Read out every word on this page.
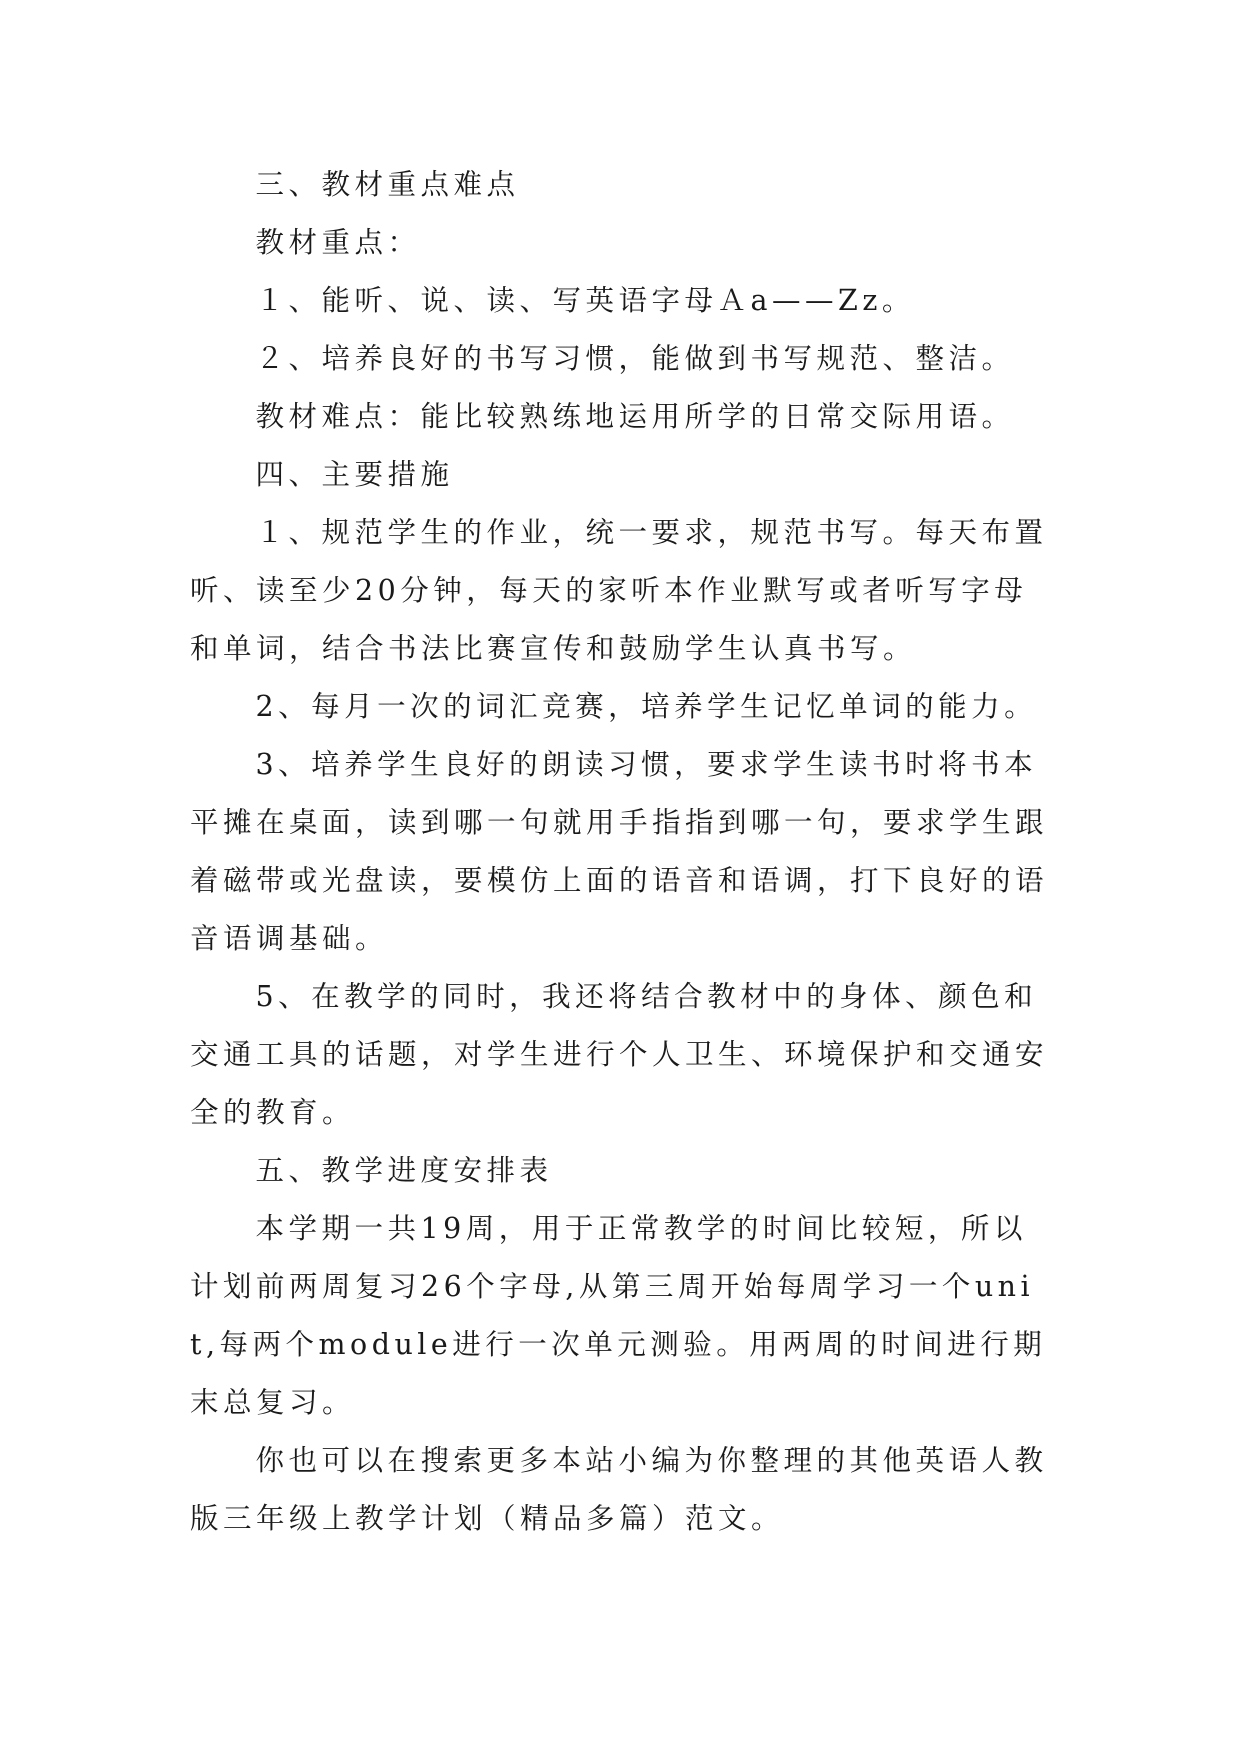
三、教材重点难点

教材重点：

１、能听、说、读、写英语字母Ａa——Zz。

２、培养良好的书写习惯，能做到书写规范、整洁。

教材难点：能比较熟练地运用所学的日常交际用语。

四、主要措施

１、规范学生的作业，统一要求，规范书写。每天布置听、读至少20分钟，每天的家听本作业默写或者听写字母和单词，结合书法比赛宣传和鼓励学生认真书写。

2、每月一次的词汇竞赛，培养学生记忆单词的能力。

3、培养学生良好的朗读习惯，要求学生读书时将书本平摊在桌面，读到哪一句就用手指指到哪一句，要求学生跟着磁带或光盘读，要模仿上面的语音和语调，打下良好的语音语调基础。

5、在教学的同时，我还将结合教材中的身体、颜色和交通工具的话题，对学生进行个人卫生、环境保护和交通安全的教育。

五、教学进度安排表

本学期一共19周，用于正常教学的时间比较短，所以计划前两周复习26个字母,从第三周开始每周学习一个unit,每两个module进行一次单元测验。用两周的时间进行期末总复习。

你也可以在搜索更多本站小编为你整理的其他英语人教版三年级上教学计划（精品多篇）范文。
